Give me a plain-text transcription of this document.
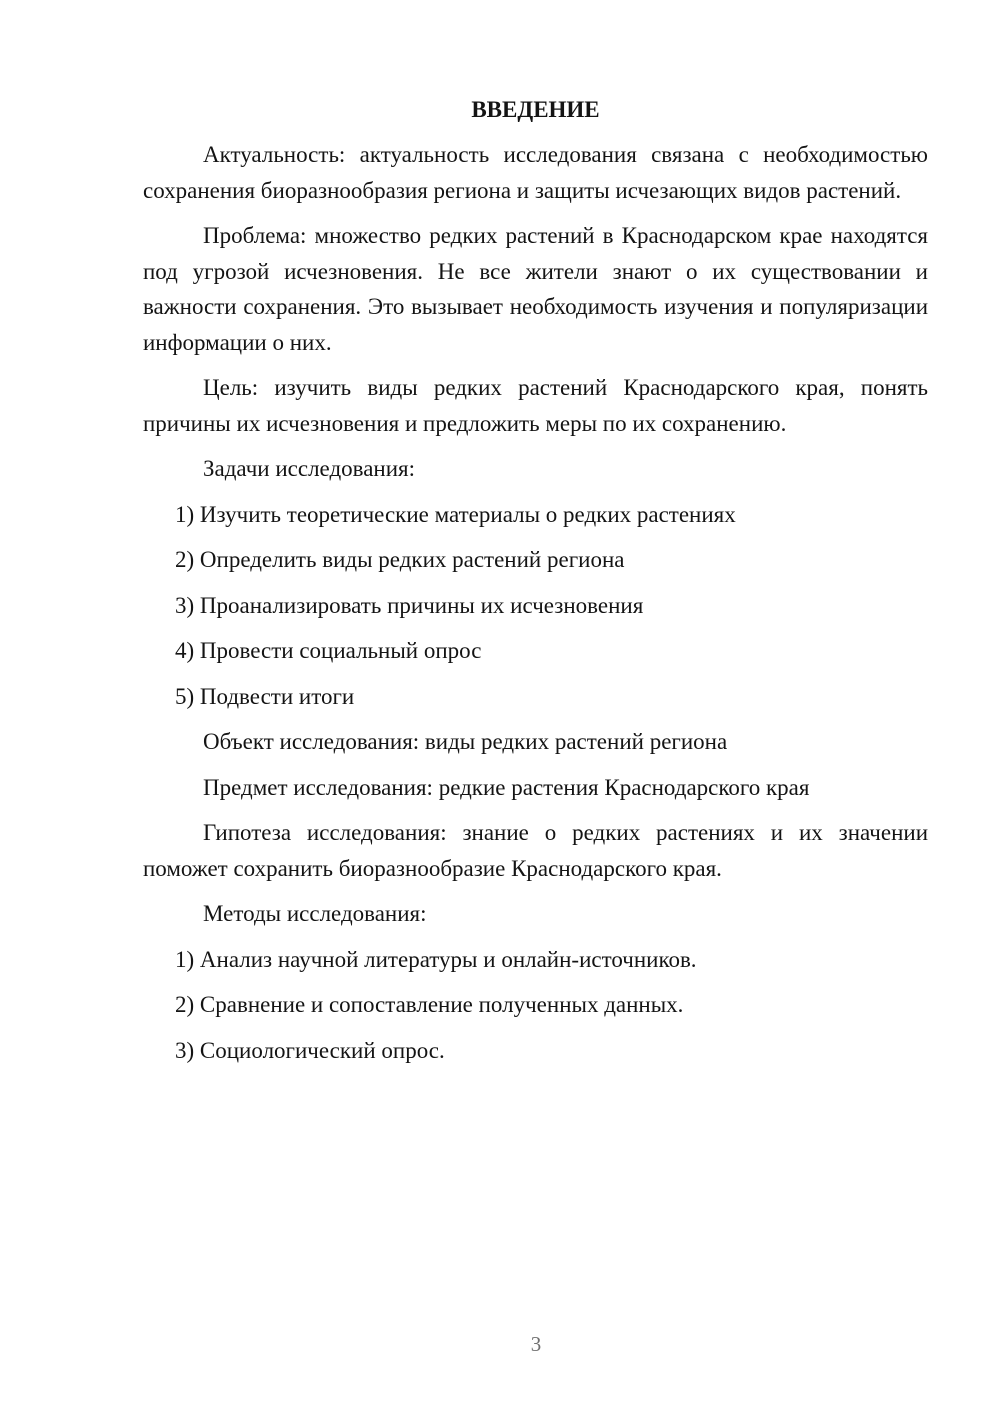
ВВЕДЕНИЕ

Актуальность: актуальность исследования связана с необходимостью сохранения биоразнообразия региона и защиты исчезающих видов растений.

Проблема: множество редких растений в Краснодарском крае находятся под угрозой исчезновения. Не все жители знают о их существовании и важности сохранения. Это вызывает необходимость изучения и популяризации информации о них.

Цель: изучить виды редких растений Краснодарского края, понять причины их исчезновения и предложить меры по их сохранению.

Задачи исследования:

1) Изучить теоретические материалы о редких растениях

2) Определить виды редких растений региона

3) Проанализировать причины их исчезновения

4) Провести социальный опрос

5) Подвести итоги

Объект исследования: виды редких растений региона

Предмет исследования: редкие растения Краснодарского края

Гипотеза исследования: знание о редких растениях и их значении поможет сохранить биоразнообразие Краснодарского края.

Методы исследования:

1) Анализ научной литературы и онлайн-источников.

2) Сравнение и сопоставление полученных данных.

3) Социологический опрос.

3
